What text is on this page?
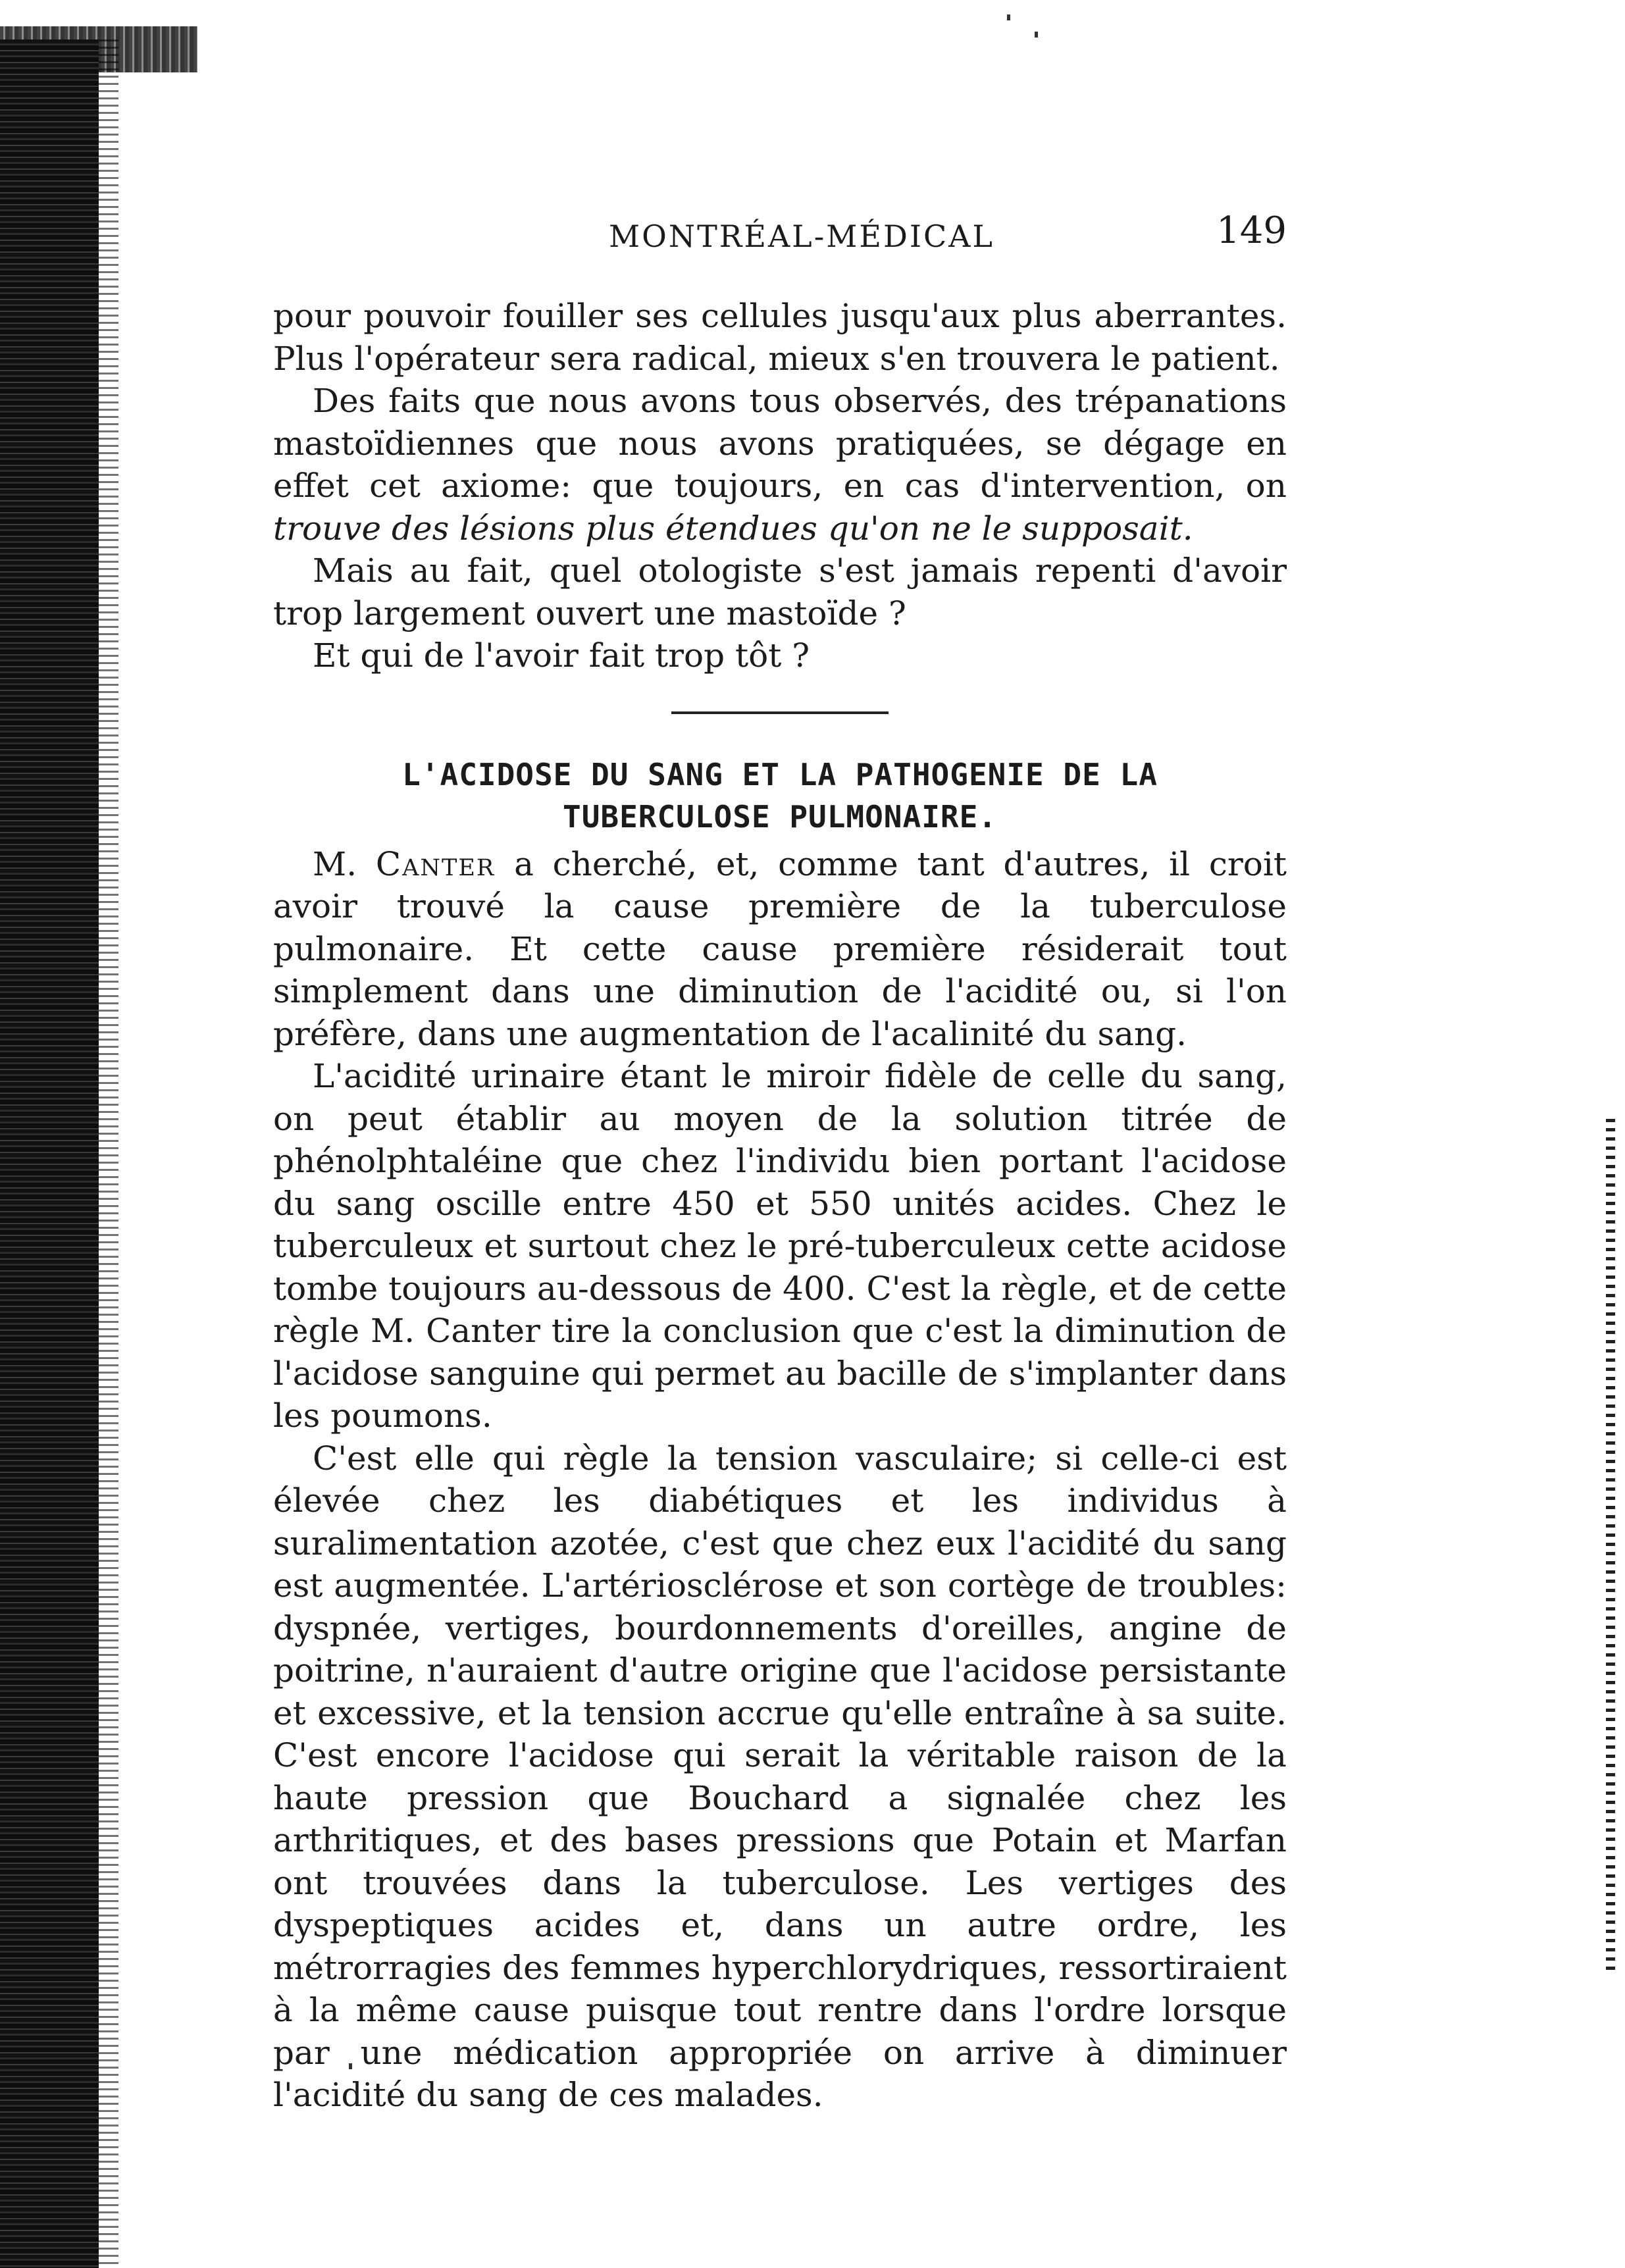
MONTRÉAL-MÉDICAL	149

pour pouvoir fouiller ses cellules jusqu'aux plus aberrantes. Plus l'opérateur sera radical, mieux s'en trouvera le patient.

Des faits que nous avons tous observés, des trépanations mastoïdiennes que nous avons pratiquées, se dégage en effet cet axiome: que toujours, en cas d'intervention, on trouve des lésions plus étendues qu'on ne le supposait.

Mais au fait, quel otologiste s'est jamais repenti d'avoir trop largement ouvert une mastoïde ?

Et qui de l'avoir fait trop tôt ?

L'ACIDOSE DU SANG ET LA PATHOGENIE DE LA
TUBERCULOSE PULMONAIRE.

M. Canter a cherché, et, comme tant d'autres, il croit avoir trouvé la cause première de la tuberculose pulmonaire. Et cette cause première résiderait tout simplement dans une diminution de l'acidité ou, si l'on préfère, dans une augmentation de l'acalinité du sang.

L'acidité urinaire étant le miroir fidèle de celle du sang, on peut établir au moyen de la solution titrée de phénolphtaléine que chez l'individu bien portant l'acidose du sang oscille entre 450 et 550 unités acides. Chez le tuberculeux et surtout chez le pré-tuberculeux cette acidose tombe toujours au-dessous de 400. C'est la règle, et de cette règle M. Canter tire la conclusion que c'est la diminution de l'acidose sanguine qui permet au bacille de s'implanter dans les poumons.

C'est elle qui règle la tension vasculaire; si celle-ci est élevée chez les diabétiques et les individus à suralimentation azotée, c'est que chez eux l'acidité du sang est augmentée. L'artériosclérose et son cortège de troubles: dyspnée, vertiges, bourdonnements d'oreilles, angine de poitrine, n'auraient d'autre origine que l'acidose persistante et excessive, et la tension accrue qu'elle entraîne à sa suite. C'est encore l'acidose qui serait la véritable raison de la haute pression que Bouchard a signalée chez les arthritiques, et des bases pressions que Potain et Marfan ont trouvées dans la tuberculose. Les vertiges des dyspeptiques acides et, dans un autre ordre, les métrorragies des femmes hyperchlorydriques, ressortiraient à la même cause puisque tout rentre dans l'ordre lorsque par une médication appropriée on arrive à diminuer l'acidité du sang de ces malades.
